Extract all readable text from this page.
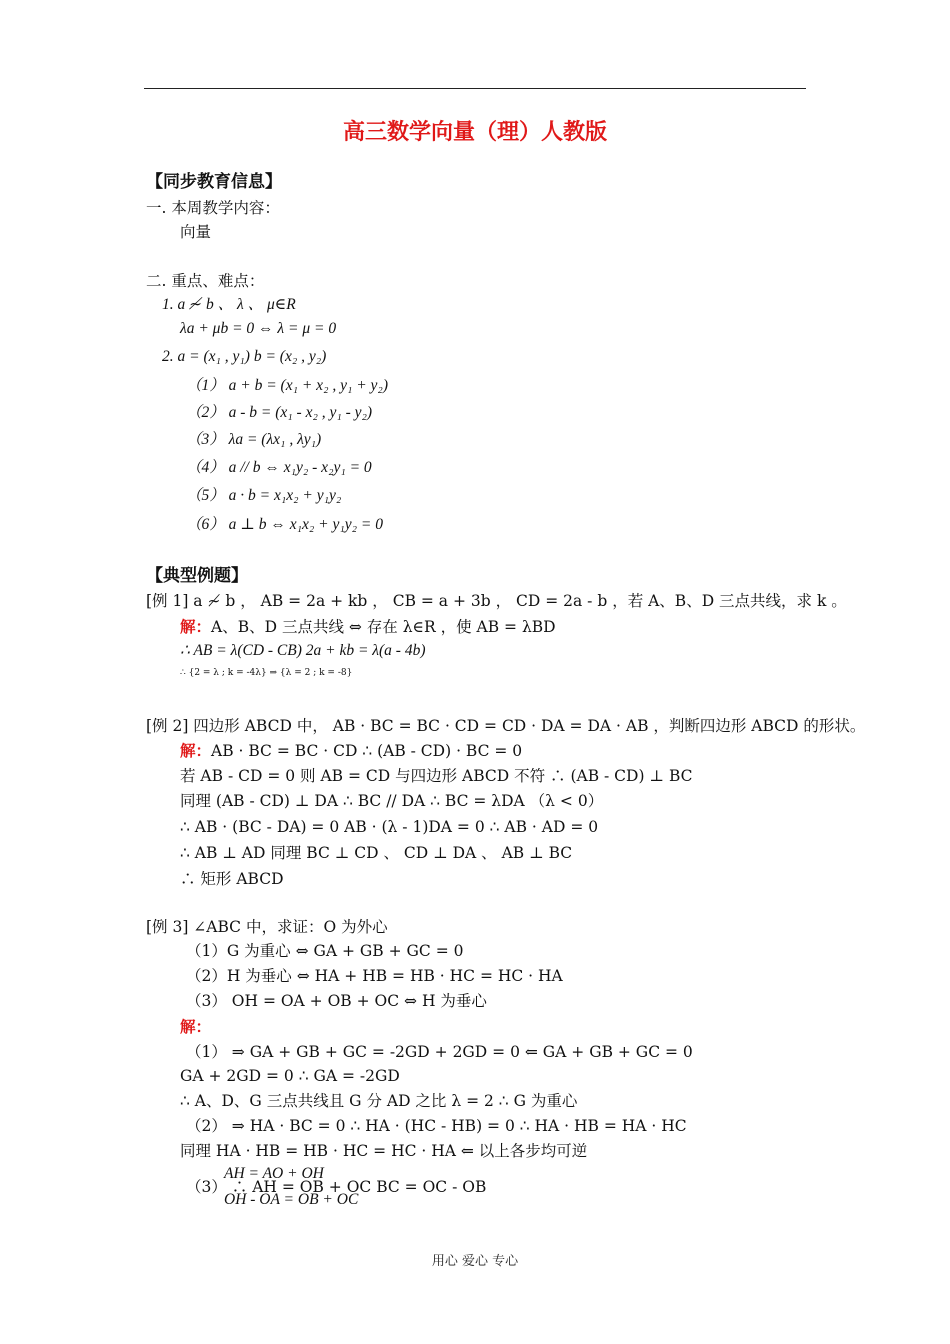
高三数学向量（理）人教版
【同步教育信息】
一. 本周教学内容：
向量
二. 重点、难点：
1. a ≁ b 、 λ 、 μ∈R
λa + μb = 0 ⇔ λ = μ = 0
2. a = (x₁ , y₁) b = (x₂ , y₂)
（1） a + b = (x₁ + x₂ , y₁ + y₂)
（2） a - b = (x₁ - x₂ , y₁ - y₂)
（3） λa = (λx₁ , λy₁)
（4） a // b ⇔ x₁y₂ - x₂y₁ = 0
（5） a · b = x₁x₂ + y₁y₂
（6） a ⊥ b ⇔ x₁x₂ + y₁y₂ = 0
【典型例题】
[例 1] a ≁ b ， AB = 2a + kb ， CB = a + 3b ， CD = 2a - b ，若 A、B、D 三点共线，求 k 。
解：A、B、D 三点共线 ⇔ 存在 λ∈R ，使 AB = λBD
∴ AB = λ(CD - CB) 2a + kb = λ(a - 4b)
∴ {2 = λ ; k = -4λ} ⇒ {λ = 2 ; k = -8}
[例 2] 四边形 ABCD 中， AB · BC = BC · CD = CD · DA = DA · AB ，判断四边形 ABCD 的形状。
解：AB · BC = BC · CD ∴ (AB - CD) · BC = 0
若 AB - CD = 0 则 AB = CD 与四边形 ABCD 不符 ∴ (AB - CD) ⊥ BC
同理 (AB - CD) ⊥ DA ∴ BC // DA ∴ BC = λDA （λ < 0）
∴ AB · (BC - DA) = 0 AB · (λ - 1)DA = 0 ∴ AB · AD = 0
∴ AB ⊥ AD 同理 BC ⊥ CD 、 CD ⊥ DA 、 AB ⊥ BC
∴ 矩形 ABCD
[例 3] ∠ABC 中，求证：O 为外心
（1）G 为重心 ⇔ GA + GB + GC = 0
（2）H 为垂心 ⇔ HA + HB = HB · HC = HC · HA
（3） OH = OA + OB + OC ⇔ H 为垂心
解：
（1） ⇒ GA + GB + GC = -2GD + 2GD = 0 ⇐ GA + GB + GC = 0
GA + 2GD = 0 ∴ GA = -2GD
∴ A、D、G 三点共线且 G 分 AD 之比 λ = 2 ∴ G 为重心
（2） ⇒ HA · BC = 0 ∴ HA · (HC - HB) = 0 ∴ HA · HB = HA · HC
同理 HA · HB = HB · HC = HC · HA ⇐ 以上各步均可逆
AH = AO + OH
（3） ∴ AH = OB + OC BC = OC - OB
OH - OA = OB + OC
用心 爱心 专心
